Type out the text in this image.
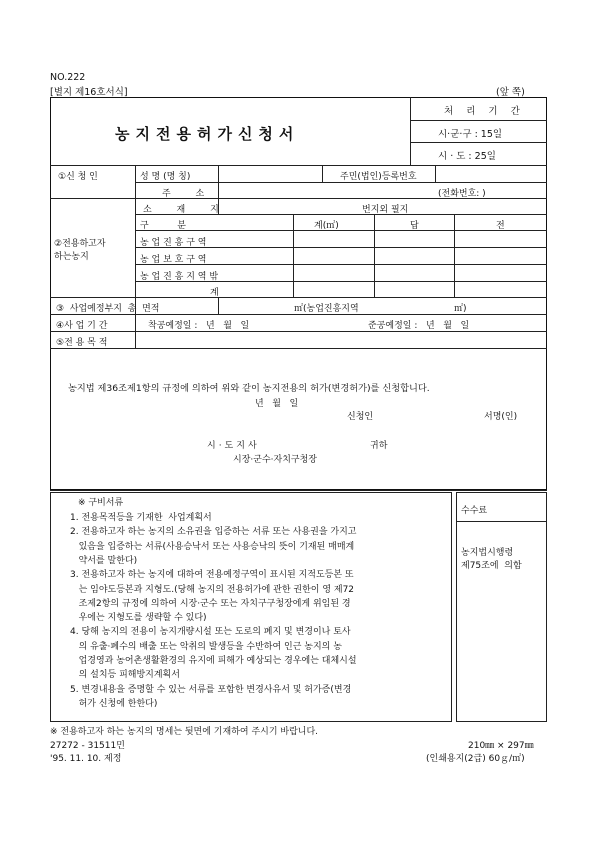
NO.222
[별지 제16호서식]	(앞 쪽)
농지전용허가신청서
처 리 기 간
시·군·구 : 15일
시 · 도 : 25일
①신 청 인	성 명 (명 칭)	주민(법인)등록번호
주 소	(전화번호: )
②전용하고자
하는농지
소 재 지	번지외 필지
구          분	계(㎡)	답	전
농 업 진 흥 구 역
농 업 보 호 구 역
농 업 진 흥 지 역 밖
계
③  사업예정부지  총  면적	㎡(농업진흥지역	㎡)
④사 업 기 간	착공예정일 :   년   월   일	준공예정일 :   년   월   일
⑤전 용 목 적
농지법 제36조제1항의 규정에 의하여 위와 같이 농지전용의 허가(변경허가)를 신청합니다.
년   월   일
신청인	서명(인)
시·도지사	귀하
시장·군수·자치구청장
수수료
농지법시행령
제75조에  의함
※ 구비서류
1. 전용목적등을 기재한  사업계획서
2. 전용하고자 하는 농지의 소유권을 입증하는 서류 또는 사용권을 가지고
있음을 입증하는 서류(사용승낙서 또는 사용승낙의 뜻이 기재된 매매계
약서를 말한다)
3. 전용하고자 하는 농지에 대하여 전용예정구역이 표시된 지적도등본 또
는 임야도등본과 지형도.(당해 농지의 전용허가에 관한 권한이 영 제72
조제2항의 규정에 의하여 시장·군수 또는 자치구구청장에게 위임된 경
우에는 지형도를 생략할 수 있다)
4. 당해 농지의 전용이 농지개량시설 또는 도로의 폐지 및 변경이나 토사
의 유출·폐수의 배출 또는 악취의 발생등을 수반하여 인근 농지의 농
업경영과 농어촌생활환경의 유지에 피해가 예상되는 경우에는 대체시설
의 설치등 피해방지계획서
5. 변경내용을 증명할 수 있는 서류를 포함한 변경사유서 및 허가증(변경
허가 신청에 한한다)
※ 전용하고자 하는 농지의 명세는 뒷면에 기재하여 주시기 바랍니다.
27272 - 31511민	210㎜ × 297㎜
'95. 11. 10. 제정	(인쇄용지(2급) 60ｇ/㎡)
